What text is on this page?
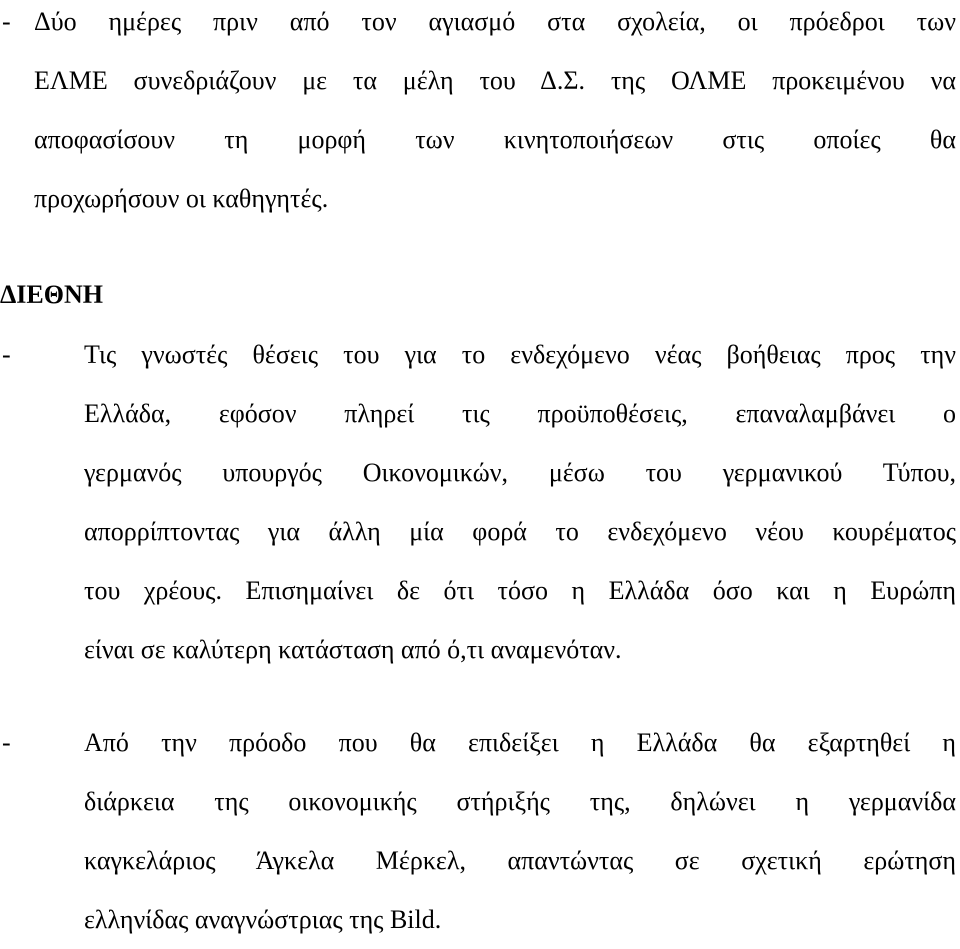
- Δύο ημέρες πριν από τον αγιασμό στα σχολεία, οι πρόεδροι των
ΕΛΜΕ συνεδριάζουν με τα μέλη του Δ.Σ. της ΟΛΜΕ προκειμένου να
αποφασίσουν τη μορφή των κινητοποιήσεων στις οποίες θα
προχωρήσουν οι καθηγητές.
ΔΙΕΘΝΗ
-	Τις γνωστές θέσεις του για το ενδεχόμενο νέας βοήθειας προς την
Ελλάδα, εφόσον πληρεί τις προϋποθέσεις, επαναλαμβάνει ο
γερμανός υπουργός Οικονομικών, μέσω του γερμανικού Τύπου,
απορρίπτοντας για άλλη μία φορά το ενδεχόμενο νέου κουρέματος
του χρέους. Επισημαίνει δε ότι τόσο η Ελλάδα όσο και η Ευρώπη
είναι σε καλύτερη κατάσταση από ό,τι αναμενόταν.
-	Από την πρόοδο που θα επιδείξει η Ελλάδα θα εξαρτηθεί η
διάρκεια της οικονομικής στήριξής της, δηλώνει η γερμανίδα
καγκελάριος Άγκελα Μέρκελ, απαντώντας σε σχετική ερώτηση
ελληνίδας αναγνώστριας της Bild.
